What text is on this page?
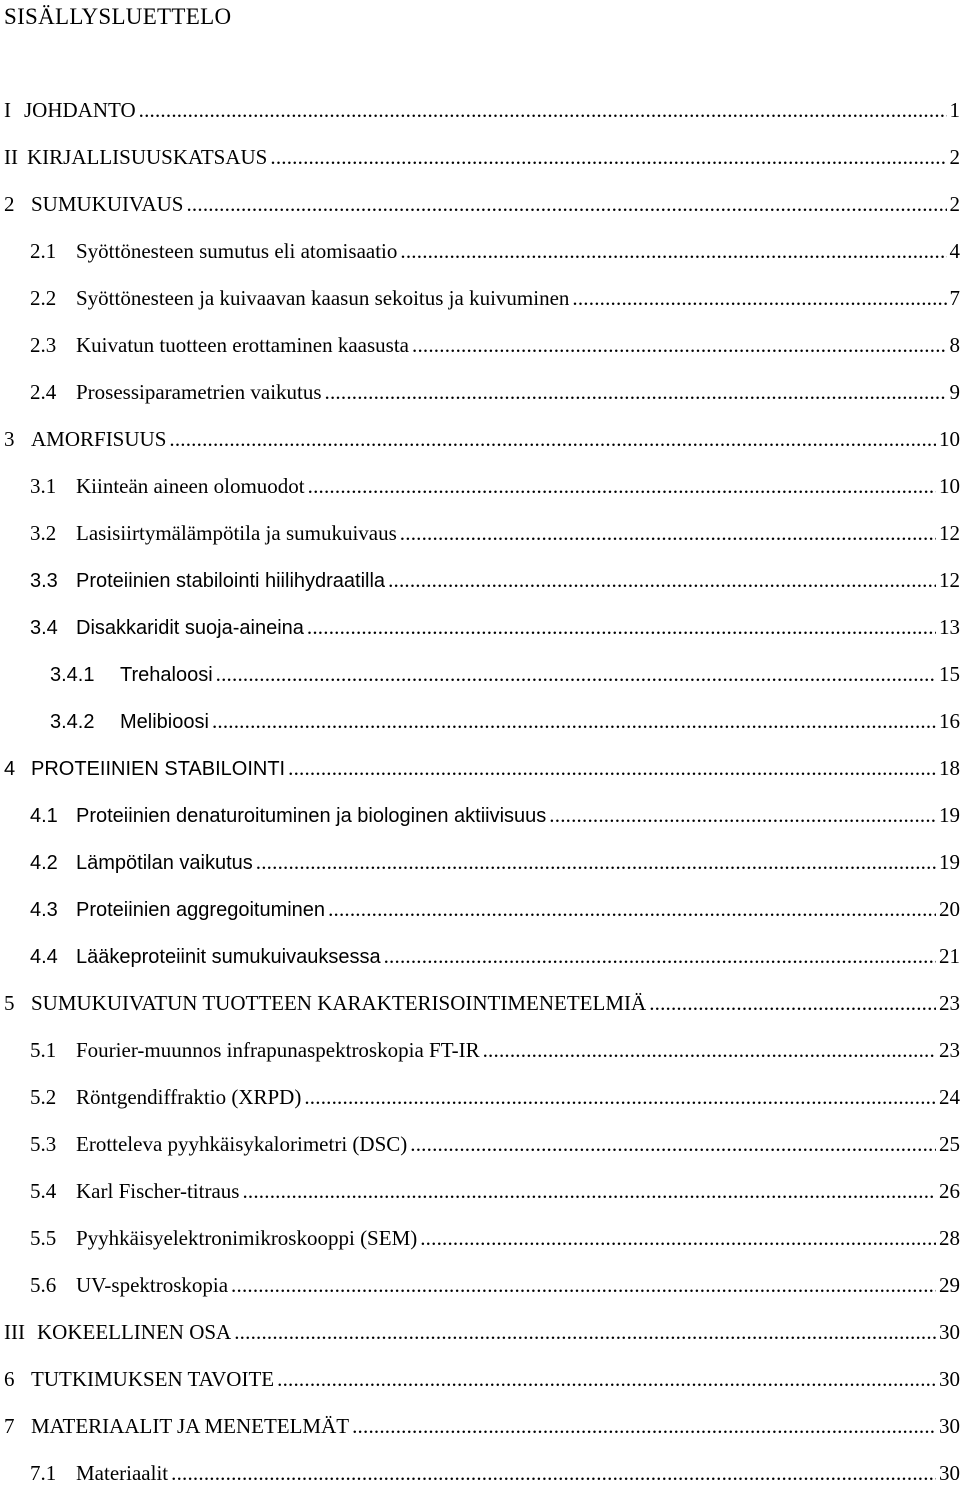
SISÄLLYSLUETTELO
I JOHDANTO .....	1
II KIRJALLISUUSKATSAUS .....	2
2 SUMUKUIVAUS .....	2
2.1 Syöttönesteen sumutus eli atomisaatio .....	4
2.2 Syöttönesteen ja kuivaavan kaasun sekoitus ja kuivuminen .....	7
2.3 Kuivatun tuotteen erottaminen kaasusta .....	8
2.4 Prosessiparametrien vaikutus .....	9
3 AMORFISUUS .....	10
3.1 Kiinteän aineen olomuodot .....	10
3.2 Lasisiirtymälämpötila ja sumukuivaus .....	12
3.3 Proteiinien stabilointi hiilihydraatilla .....	12
3.4 Disakkaridit suoja-aineina .....	13
3.4.1	Trehaloosi .....	15
3.4.2	Melibioosi .....	16
4 PROTEIINIEN STABILOINTI .....	18
4.1 Proteiinien denaturoituminen ja biologinen aktiivisuus .....	19
4.2 Lämpötilan vaikutus .....	19
4.3 Proteiinien aggregoituminen .....	20
4.4 Lääkeproteiinit sumukuivauksessa .....	21
5 SUMUKUIVATUN TUOTTEEN KARAKTERISOINTIMENETELMIÄ .....	23
5.1 Fourier-muunnos infrapunaspektroskopia FT-IR .....	23
5.2 Röntgendiffraktio (XRPD) .....	24
5.3 Erotteleva pyyhkäisykalorimetri (DSC) .....	25
5.4 Karl Fischer-titraus .....	26
5.5 Pyyhkäisyelektronimikroskooppi (SEM) .....	28
5.6 UV-spektroskopia .....	29
III KOKEELLINEN OSA .....	30
6 TUTKIMUKSEN TAVOITE .....	30
7 MATERIAALIT JA MENETELMÄT .....	30
7.1 Materiaalit .....	30
